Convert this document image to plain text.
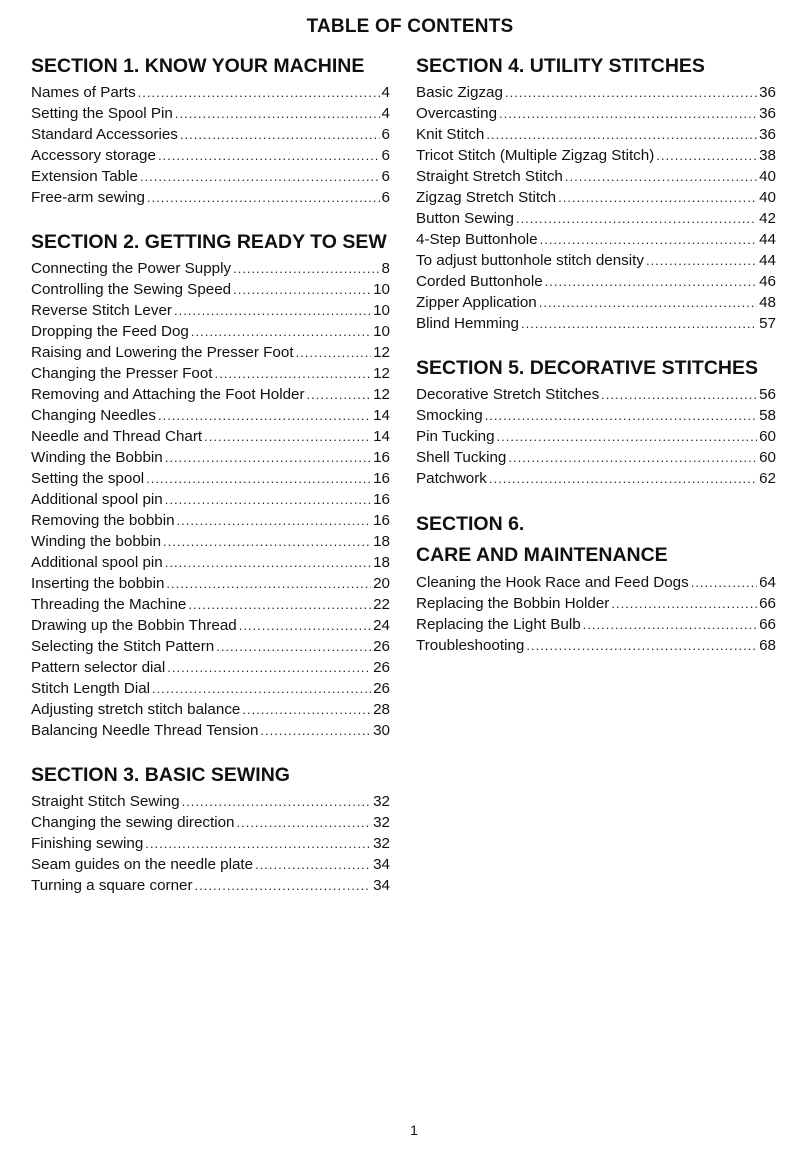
TABLE OF CONTENTS
SECTION 1. KNOW YOUR MACHINE
Names of Parts .....	4
Setting the Spool Pin .....	4
Standard Accessories .....	6
Accessory storage .....	6
Extension Table .....	6
Free-arm sewing .....	6
SECTION 2. GETTING READY TO SEW
Connecting the Power Supply .....	8
Controlling the Sewing Speed .....	10
Reverse Stitch Lever .....	10
Dropping the Feed Dog .....	10
Raising and Lowering the Presser Foot .....	12
Changing the Presser Foot .....	12
Removing and Attaching the Foot Holder .....	12
Changing Needles .....	14
Needle and Thread Chart .....	14
Winding the Bobbin .....	16
Setting the spool .....	16
Additional spool pin .....	16
Removing the bobbin .....	16
Winding the bobbin .....	18
Additional spool pin .....	18
Inserting the bobbin .....	20
Threading the Machine .....	22
Drawing up the Bobbin Thread .....	24
Selecting the Stitch Pattern .....	26
Pattern selector dial .....	26
Stitch Length Dial .....	26
Adjusting stretch stitch balance .....	28
Balancing Needle Thread Tension .....	30
SECTION 3. BASIC SEWING
Straight Stitch Sewing .....	32
Changing the sewing direction .....	32
Finishing sewing .....	32
Seam guides on the needle plate .....	34
Turning a square corner .....	34
SECTION 4. UTILITY STITCHES
Basic Zigzag .....	36
Overcasting .....	36
Knit Stitch .....	36
Tricot Stitch (Multiple Zigzag Stitch) .....	38
Straight Stretch Stitch .....	40
Zigzag Stretch Stitch .....	40
Button Sewing .....	42
4-Step Buttonhole .....	44
To adjust buttonhole stitch density .....	44
Corded Buttonhole .....	46
Zipper Application .....	48
Blind Hemming .....	57
SECTION 5. DECORATIVE STITCHES
Decorative Stretch Stitches .....	56
Smocking .....	58
Pin Tucking .....	60
Shell Tucking .....	60
Patchwork .....	62
SECTION 6.
CARE AND MAINTENANCE
Cleaning the Hook Race and Feed Dogs .....	64
Replacing the Bobbin Holder .....	66
Replacing the Light Bulb .....	66
Troubleshooting .....	68
1
